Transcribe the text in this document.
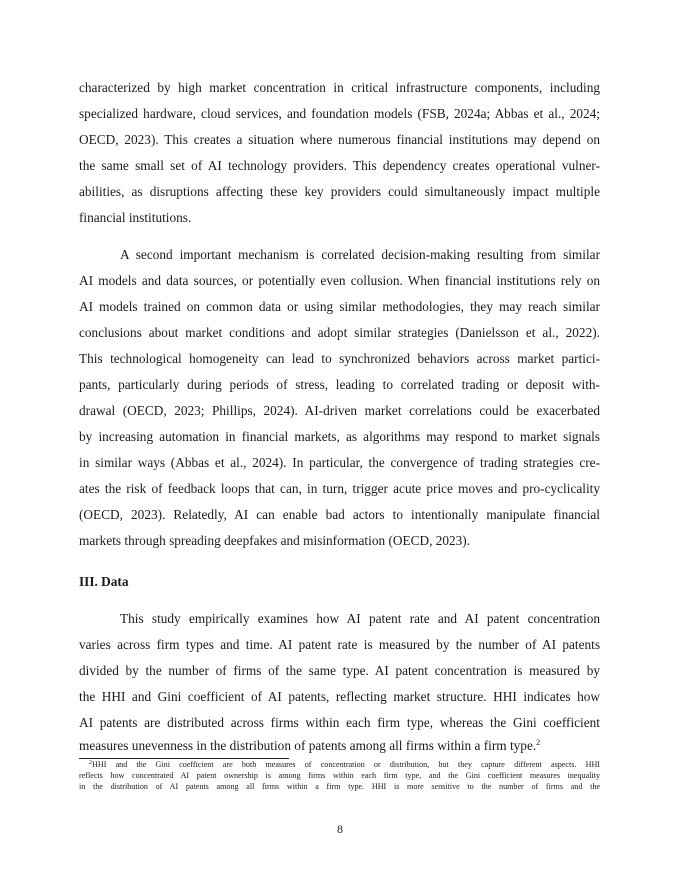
characterized by high market concentration in critical infrastructure components, including
specialized hardware, cloud services, and foundation models (FSB, 2024a; Abbas et al., 2024;
OECD, 2023). This creates a situation where numerous financial institutions may depend on
the same small set of AI technology providers. This dependency creates operational vulner-
abilities, as disruptions affecting these key providers could simultaneously impact multiple
financial institutions.
A second important mechanism is correlated decision-making resulting from similar
AI models and data sources, or potentially even collusion. When financial institutions rely on
AI models trained on common data or using similar methodologies, they may reach similar
conclusions about market conditions and adopt similar strategies (Danielsson et al., 2022).
This technological homogeneity can lead to synchronized behaviors across market partici-
pants, particularly during periods of stress, leading to correlated trading or deposit with-
drawal (OECD, 2023; Phillips, 2024). AI-driven market correlations could be exacerbated
by increasing automation in financial markets, as algorithms may respond to market signals
in similar ways (Abbas et al., 2024). In particular, the convergence of trading strategies cre-
ates the risk of feedback loops that can, in turn, trigger acute price moves and pro-cyclicality
(OECD, 2023). Relatedly, AI can enable bad actors to intentionally manipulate financial
markets through spreading deepfakes and misinformation (OECD, 2023).
III. Data
This study empirically examines how AI patent rate and AI patent concentration
varies across firm types and time. AI patent rate is measured by the number of AI patents
divided by the number of firms of the same type. AI patent concentration is measured by
the HHI and Gini coefficient of AI patents, reflecting market structure. HHI indicates how
AI patents are distributed across firms within each firm type, whereas the Gini coefficient
measures unevenness in the distribution of patents among all firms within a firm type.$^2$
$^2$HHI and the Gini coefficient are both measures of concentration or distribution, but they capture different aspects. HHI
reflects how concentrated AI patent ownership is among firms within each firm type, and the Gini coefficient measures inequality
in the distribution of AI patents among all firms within a firm type. HHI is more sensitive to the number of firms and the
8
